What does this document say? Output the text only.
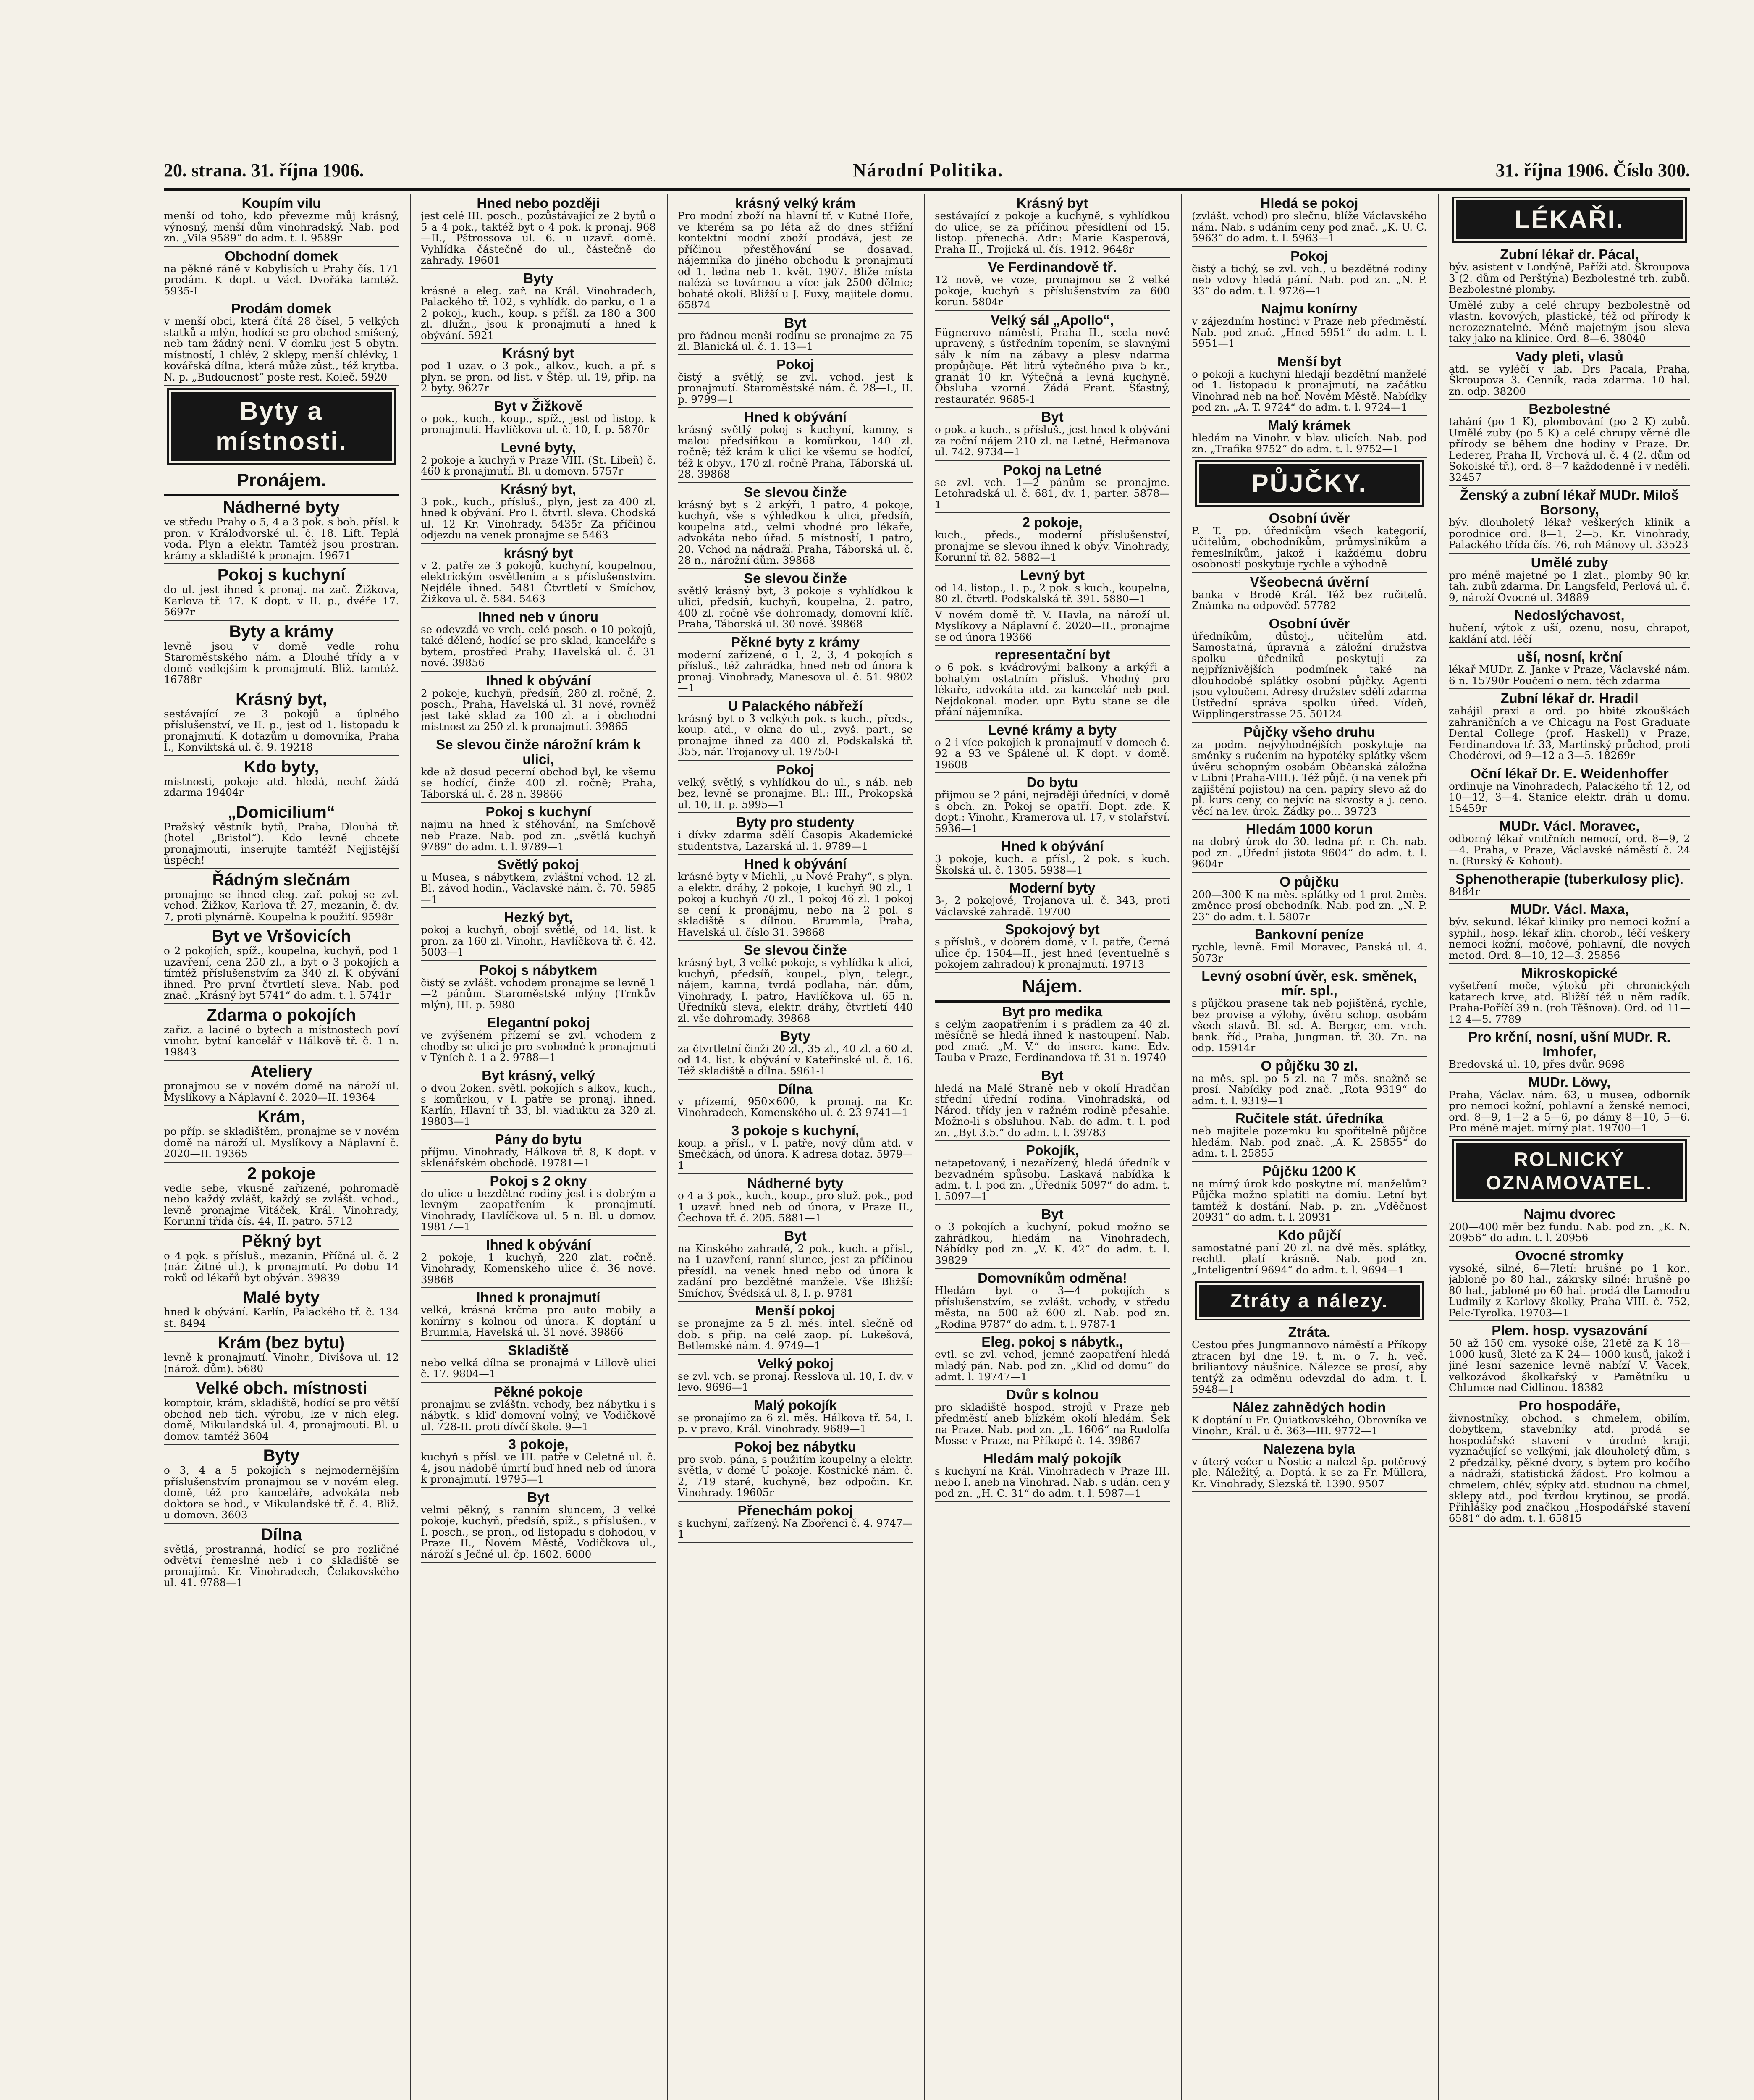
20. strana. 31. října 1906.	Národní Politika.	31. října 1906. Číslo 300.
Koupím vilu
menší od toho, kdo převezme můj krásný, výnosný, menší dům vinohradský. Nab. pod zn. „Vila 9589“ do adm. t. l. 9589r
Obchodní domek
na pěkné ráně v Kobylisích u Prahy čís. 171 prodám. K dopt. u Václ. Dvořáka tamtéž. 5935-I
Prodám domek
v menší obci, která čítá 28 čísel, 5 velkých statků a mlýn, hodící se pro obchod smíšený, neb tam žádný není. V domku jest 5 obytn. místností, 1 chlév, 2 sklepy, menší chlévky, 1 kovářská dílna, která může zůst., též krytba. N. p. „Budoucnost“ poste rest. Koleč. 5920
Byty a místnosti.
Pronájem.
Nádherné byty
ve středu Prahy o 5, 4 a 3 pok. s boh. přísl. k pron. v Králodvorské ul. č. 18. Lift. Teplá voda. Plyn a elektr. Tamtéž jsou prostran. krámy a skladiště k pronajm. 19671
Pokoj s kuchyní
do ul. jest ihned k pronaj. na zač. Žižkova, Karlova tř. 17. K dopt. v II. p., dvéře 17. 5697r
Byty a krámy
levně jsou v domě vedle rohu Staroměstského nám. a Dlouhé třídy a v domě vedlejším k pronajmutí. Bliž. tamtéž. 16788r
Krásný byt,
sestávající ze 3 pokojů a úplného příslušenství, ve II. p., jest od 1. listopadu k pronajmutí. K dotazům u domovníka, Praha I., Konviktská ul. č. 9. 19218
Kdo byty,
místnosti, pokoje atd. hledá, nechť žádá zdarma 19404r
„Domicilium“
Pražský věstník bytů, Praha, Dlouhá tř. (hotel „Bristol“). Kdo levně chcete pronajmouti, inserujte tamtéž! Nejjistější úspěch!
Řádným slečnám
pronajme se ihned eleg. zař. pokoj se zvl. vchod. Žižkov, Karlova tř. 27, mezanin, č. dv. 7, proti plynárně. Koupelna k použití. 9598r
Byt ve Vršovicích
o 2 pokojích, spíž., koupelna, kuchyň, pod 1 uzavření, cena 250 zl., a byt o 3 pokojích a tímtéž příslušenstvím za 340 zl. K obývání ihned. Pro první čtvrtletí sleva. Nab. pod znač. „Krásný byt 5741“ do adm. t. l. 5741r
Zdarma o pokojích
zařiz. a laciné o bytech a místnostech poví vinohr. bytní kancelář v Hálkově tř. č. 1 n. 19843
Ateliery
pronajmou se v novém domě na nároží ul. Myslíkovy a Náplavní č. 2020—II. 19364
Krám,
po příp. se skladištěm, pronajme se v novém domě na nároží ul. Myslíkovy a Náplavní č. 2020—II. 19365
2 pokoje
vedle sebe, vkusně zařízené, pohromadě nebo každý zvlášť, každý se zvlášt. vchod., levně pronajme Vitáček, Král. Vinohrady, Korunní třída čís. 44, II. patro. 5712
Pěkný byt
o 4 pok. s přísluš., mezanin, Příčná ul. č. 2 (nár. Žitné ul.), k pronajmutí. Po dobu 14 roků od lékařů byt obýván. 39839
Malé byty
hned k obývání. Karlín, Palackého tř. č. 134 st. 8494
Krám (bez bytu)
levně k pronajmutí. Vinohr., Divišova ul. 12 (nárož. dům). 5680
Velké obch. místnosti
komptoir, krám, skladiště, hodící se pro větší obchod neb tich. výrobu, lze v nich eleg. domě, Mikulandská ul. 4, pronajmouti. Bl. u domov. tamtéž 3604
Byty
o 3, 4 a 5 pokojích s nejmodernějším příslušenstvím pronajmou se v novém eleg. domě, též pro kanceláře, advokáta neb doktora se hod., v Mikulandské tř. č. 4. Bliž. u domovn. 3603
Dílna
světlá, prostranná, hodící se pro rozličné odvětví řemeslné neb i co skladiště se pronajímá. Kr. Vinohradech, Čelakovského ul. 41. 9788—1
Hned nebo později
jest celé III. posch., pozůstávající ze 2 bytů o 5 a 4 pok., taktéž byt o 4 pok. k pronaj. 968—II., Pštrossova ul. 6. u uzavř. domě. Vyhlídka částečně do ul., částečně do zahrady. 19601
Byty
krásné a eleg. zař. na Král. Vinohradech, Palackého tř. 102, s vyhlídk. do parku, o 1 a 2 pokoj., kuch., koup. s příšl. za 180 a 300 zl. dlužn., jsou k pronajmutí a hned k obývání. 5921
Krásný byt
pod 1 uzav. o 3 pok., alkov., kuch. a př. s plyn. se pron. od list. v Štěp. ul. 19, přip. na 2 byty. 9627r
Byt v Žižkově
o pok., kuch., koup., spíž., jest od listop. k pronajmutí. Havlíčkova ul. č. 10, I. p. 5870r
Levné byty,
2 pokoje a kuchyň v Praze VIII. (St. Libeň) č. 460 k pronajmutí. Bl. u domovn. 5757r
Krásný byt,
3 pok., kuch., přísluš., plyn, jest za 400 zl. hned k obývání. Pro I. čtvrtl. sleva. Chodská ul. 12 Kr. Vinohrady. 5435r Za příčinou odjezdu na venek pronajme se 5463
krásný byt
v 2. patře ze 3 pokojů, kuchyní, koupelnou, elektrickým osvětlením a s příslušenstvím. Nejdéle ihned. 5481 Čtvrtletí v Smíchov, Žižkova ul. č. 584. 5463
Ihned neb v únoru
se odevzdá ve vrch. celé posch. o 10 pokojů, také dělené, hodící se pro sklad, kanceláře s bytem, prostřed Prahy, Havelská ul. č. 31 nové. 39856
Ihned k obývání
2 pokoje, kuchyň, předsíň, 280 zl. ročně, 2. posch., Praha, Havelská ul. 31 nové, rovněž jest také sklad za 100 zl. a i obchodní místnost za 250 zl. k pronajmutí. 39865
Se slevou činže nárožní krám k ulici,
kde až dosud pecerní obchod byl, ke všemu se hodící, činže 400 zl. ročně; Praha, Táborská ul. č. 28 n. 39866
Pokoj s kuchyní
najmu na hned k stěhování, na Smíchově neb Praze. Nab. pod zn. „světlá kuchyň 9789“ do adm. t. l. 9789—1
Světlý pokoj
u Musea, s nábytkem, zvláštní vchod. 12 zl. Bl. závod hodin., Václavské nám. č. 70. 5985—1
Hezký byt,
pokoj a kuchyň, obojí světlé, od 14. list. k pron. za 160 zl. Vinohr., Havlíčkova tř. č. 42. 5003—1
Pokoj s nábytkem
čistý se zvlášt. vchodem pronajme se levně 1—2 pánům. Staroměstské mlýny (Trnkův mlýn), III. p. 5980
Elegantní pokoj
ve zvýšeném přízemí se zvl. vchodem z chodby se ulici je pro svobodné k pronajmutí v Týních č. 1 a 2. 9788—1
Byt krásný, velký
o dvou 2oken. světl. pokojích s alkov., kuch., s komůrkou, v I. patře se pronaj. ihned. Karlín, Hlavní tř. 33, bl. viaduktu za 320 zl. 19803—1
Pány do bytu
příjmu. Vinohrady, Hálkova tř. 8, K dopt. v sklenářském obchodě. 19781—1
Pokoj s 2 okny
do ulice u bezdětné rodiny jest i s dobrým a levným zaopatřením k pronajmutí. Vinohrady, Havlíčkova ul. 5 n. Bl. u domov. 19817—1
Ihned k obývání
2 pokoje, 1 kuchyň, 220 zlat. ročně. Vinohrady, Komenského ulice č. 36 nové. 39868
Ihned k pronajmutí
velká, krásná krčma pro auto mobily a konírny s kolnou od února. K doptání u Brummla, Havelská ul. 31 nové. 39866
Skladiště
nebo velká dílna se pronajmá v Lillově ulici č. 17. 9804—1
Pěkné pokoje
pronajmu se zvlášťn. vchody, bez nábytku i s nábytk. s kliď domovní volný, ve Vodičkově ul. 728-II. proti dívčí škole. 9—1
3 pokoje,
kuchyň s přísl. ve III. patře v Celetné ul. č. 4, jsou nádobě úmrtí buď hned neb od února k pronajmutí. 19795—1
Byt
velmi pěkný, s ranním sluncem, 3 velké pokoje, kuchyň, předsíň, spíž., s příslušen., v I. posch., se pron., od listopadu s dohodou, v Praze II., Novém Městě, Vodičkova ul., nároží s Ječné ul. čp. 1602. 6000
krásný velký krám
Pro modní zboží na hlavní tř. v Kutné Hoře, ve kterém sa po léta až do dnes střižní kontektní modní zboží prodává, jest ze příčinou přestěhování se dosavad. nájemníka do jiného obchodu k pronajmutí od 1. ledna neb 1. květ. 1907. Bliže místa nalézá se továrnou a více jak 2500 dělnic; bohaté okolí. Bližší u J. Fuxy, majitele domu. 65874
Byt
pro řádnou menší rodinu se pronajme za 75 zl. Blanická ul. č. 1. 13—1
Pokoj
čistý a světlý, se zvl. vchod. jest k pronajmutí. Staroměstské nám. č. 28—I., II. p. 9799—1
Hned k obývání
krásný světlý pokoj s kuchyní, kamny, s malou předsíňkou a komůrkou, 140 zl. ročně; též krám k ulici ke všemu se hodící, též k obyv., 170 zl. ročně Praha, Táborská ul. 28. 39868
Se slevou činže
krásný byt s 2 arkýři, 1 patro, 4 pokoje, kuchyň, vše s výhledkou k ulici, předsíň, koupelna atd., velmi vhodné pro lékaře, advokáta nebo úřad. 5 místností, 1 patro, 20. Vchod na nádraží. Praha, Táborská ul. č. 28 n., nárožní dům. 39868
Se slevou činže
světlý krásný byt, 3 pokoje s vyhlídkou k ulici, předsíň, kuchyň, koupelna, 2. patro, 400 zl. ročně vše dohromady, domovní klíč. Praha, Táborská ul. 30 nové. 39868
Pěkné byty z krámy
moderní zařízené, o 1, 2, 3, 4 pokojích s přísluš., též zahrádka, hned neb od února k pronaj. Vinohrady, Manesova ul. č. 51. 9802—1
U Palackého nábřeží
krásný byt o 3 velkých pok. s kuch., předs., koup. atd., v okna do ul., zvyš. part., se pronajme ihned za 400 zl. Podskalská tř. 355, nár. Trojanovy ul. 19750-I
Pokoj
velký, světlý, s vyhlídkou do ul., s náb. neb bez, levně se pronajme. Bl.: III., Prokopská ul. 10, II. p. 5995—1
Byty pro studenty
i dívky zdarma sdělí Časopis Akademické studentstva, Lazarská ul. 1. 9789—1
Hned k obývání
krásné byty v Michli, „u Nové Prahy“, s plyn. a elektr. dráhy, 2 pokoje, 1 kuchyň 90 zl., 1 pokoj a kuchyň 70 zl., 1 pokoj 46 zl. 1 pokoj se cení k pronájmu, nebo na 2 pol. s skladiště s dílnou. Brummla, Praha, Havelská ul. číslo 31. 39868
Se slevou činže
krásný byt, 3 velké pokoje, s vyhlídka k ulici, kuchyň, předsíň, koupel., plyn, telegr., nájem, kamna, tvrdá podlaha, nár. dům, Vinohrady, I. patro, Havlíčkova ul. 65 n. Úředníků sleva, elektr. dráhy, čtvrtletí 440 zl. vše dohromady. 39868
Byty
za čtvrtletní činži 20 zl., 35 zl., 40 zl. a 60 zl. od 14. list. k obývání v Kateřinské ul. č. 16. Též skladiště a dílna. 5961-1
Dílna
v přízemí, 950×600, k pronaj. na Kr. Vinohradech, Komenského ul. č. 23 9741—1
3 pokoje s kuchyní,
koup. a přísl., v I. patře, nový dům atd. v Smečkách, od února. K adresa dotaz. 5979—1
Nádherné byty
o 4 a 3 pok., kuch., koup., pro služ. pok., pod 1 uzavř. hned neb od února, v Praze II., Čechova tř. č. 205. 5881—1
Byt
na Kinského zahradě, 2 pok., kuch. a přísl., na 1 uzavření, ranní slunce, jest za příčinou přesídl. na venek hned nebo od února k zadání pro bezdětné manžele. Vše Bližší: Smíchov, Švédská ul. 8, I. p. 9781
Menší pokoj
se pronajme za 5 zl. měs. intel. slečně od dob. s přip. na celé zaop. pí. Lukešová, Betlemské nám. 4. 9749—1
Velký pokoj
se zvl. vch. se pronaj. Resslova ul. 10, I. dv. v levo. 9696—1
Malý pokojík
se pronajímo za 6 zl. měs. Hálkova tř. 54, I. p. v pravo, Král. Vinohrady. 9689—1
Pokoj bez nábytku
pro svob. pána, s použitím koupelny a elektr. světla, v domě U pokoje. Kostnické nám. č. 2, 719 staré, kuchyně, bez odpočin. Kr. Vinohrady. 19605r
Přenechám pokoj
s kuchyní, zařízený. Na Zbořenci č. 4. 9747—1
Krásný byt
sestávající z pokoje a kuchyně, s vyhlídkou do ulice, se za příčinou přesídlení od 15. listop. přenechá. Adr.: Marie Kasperová, Praha II., Trojická ul. čís. 1912. 9648r
Ve Ferdinandově tř.
12 nově, ve voze, pronajmou se 2 velké pokoje, kuchyň s příslušenstvím za 600 korun. 5804r
Velký sál „Apollo“,
Fügnerovo náměstí, Praha II., scela nově upravený, s ústředním topením, se slavnými sály k ním na zábavy a plesy ndarma propůjčuje. Pět litrů výtečného piva 5 kr., granát 10 kr. Výtečná a levná kuchyně. Obsluha vzorná. Žádá Frant. Šťastný, restauratér. 9685-1
Byt
o pok. a kuch., s přísluš., jest hned k obývání za roční nájem 210 zl. na Letné, Heřmanova ul. 742. 9734—1
Pokoj na Letné
se zvl. vch. 1—2 pánům se pronajme. Letohradská ul. č. 681, dv. 1, parter. 5878—1
2 pokoje,
kuch., předs., moderní příslušenství, pronajme se slevou ihned k obýv. Vinohrady, Korunní tř. 82. 5882—1
Levný byt
od 14. listop., 1. p., 2 pok. s kuch., koupelna, 80 zl. čtvrtl. Podskalská tř. 391. 5880—1
V novém domě tř. V. Havla, na nároží ul. Myslíkovy a Náplavní č. 2020—II., pronajme se od února 19366
representační byt
o 6 pok. s kvádrovými balkony a arkýři a bohatým ostatním přísluš. Vhodný pro lékaře, advokáta atd. za kancelář neb pod. Nejdokonal. moder. upr. Bytu stane se dle přání nájemníka.
Levné krámy a byty
o 2 i více pokojích k pronajmutí v domech č. 92 a 93 ve Spálené ul. K dopt. v domě. 19608
Do bytu
přijmou se 2 páni, nejraději úředníci, v domě s obch. zn. Pokoj se opatří. Dopt. zde. K dopt.: Vinohr., Kramerova ul. 17, v stolařství. 5936—1
Hned k obývání
3 pokoje, kuch. a přísl., 2 pok. s kuch. Školská ul. č. 1305. 5938—1
Moderní byty
3-, 2 pokojové, Trojanova ul. č. 343, proti Václavské zahradě. 19700
Spokojový byt
s přísluš., v dobrém domě, v I. patře, Černá ulice čp. 1504—II., jest hned (eventuelně s pokojem zahradou) k pronajmutí. 19713
Nájem.
Byt pro medika
s celým zaopatřením i s prádlem za 40 zl. měsíčně se hledá ihned k nastoupení. Nab. pod znač. „M. V.“ do inserc. kanc. Edv. Tauba v Praze, Ferdinandova tř. 31 n. 19740
Byt
hledá na Malé Straně neb v okolí Hradčan střední úřední rodina. Vinohradská, od Národ. třídy jen v ražném rodině přesahle. Možno-li s obsluhou. Nab. do adm. t. l. pod zn. „Byt 3.5.“ do adm. t. l. 39783
Pokojík,
netapetovaný, i nezařízený, hledá úředník v bezvadném spůsobu. Laskavá nabídka k adm. t. l. pod zn. „Úředník 5097“ do adm. t. l. 5097—1
Byt
o 3 pokojích a kuchyní, pokud možno se zahrádkou, hledám na Vinohradech, Nábídky pod zn. „V. K. 42“ do adm. t. l. 39829
Domovníkům odměna!
Hledám byt o 3—4 pokojích s příslušenstvím, se zvlášt. vchody, v středu města, na 500 až 600 zl. Nab. pod zn. „Rodina 9787“ do adm. t. l. 9787-1
Eleg. pokoj s nábytk.,
evtl. se zvl. vchod, jemné zaopatření hledá mladý pán. Nab. pod zn. „Klid od domu“ do admt. l. 19747—1
Dvůr s kolnou
pro skladiště hospod. strojů v Praze neb předměstí aneb blízkém okolí hledám. Šek na Praze. Nab. pod zn. „L. 1606“ na Rudolfa Mosse v Praze, na Příkopě č. 14. 39867
Hledám malý pokojík
s kuchyní na Král. Vinohradech v Praze III. nebo I. aneb na Vinohrad. Nab. s udán. cen y pod zn. „H. C. 31“ do adm. t. l. 5987—1
Hledá se pokoj
(zvlášt. vchod) pro slečnu, blíže Václavského nám. Nab. s udáním ceny pod znač. „K. U. C. 5963“ do adm. t. l. 5963—1
Pokoj
čistý a tichý, se zvl. vch., u bezdětné rodiny neb vdovy hledá pání. Nab. pod zn. „N. P. 33“ do adm. t. l. 9726—1
Najmu konírny
v zájezdním hostinci v Praze neb předměstí. Nab. pod znač. „Hned 5951“ do adm. t. l. 5951—1
Menší byt
o pokoji a kuchyni hledají bezdětní manželé od 1. listopadu k pronajmutí, na začátku Vinohrad neb na hoř. Novém Městě. Nabídky pod zn. „A. T. 9724“ do adm. t. l. 9724—1
Malý krámek
hledám na Vinohr. v blav. ulicích. Nab. pod zn. „Trafika 9752“ do adm. t. l. 9752—1
PŮJČKY.
Osobní úvěr
P. T. pp. úředníkům všech kategorií, učitelům, obchodníkům, průmyslníkům a řemeslníkům, jakož i každému dobru osobnosti poskytuje rychle a výhodně
Všeobecná úvěrní
banka v Brodě Král. Též bez ručitelů. Známka na odpověď. 57782
Osobní úvěr
úředníkům, důstoj., učitelům atd. Samostatná, úpravná a záložní družstva spolku úředníků poskytují za nejpříznivějších podmínek také na dlouhodobé splátky osobní půjčky. Agenti jsou vyloučeni. Adresy družstev sdělí zdarma Ústřední správa spolku úřed. Vídeň, Wipplingerstrasse 25. 50124
Půjčky všeho druhu
za podm. nejvýhodnějších poskytuje na směnky s ručením na hypotéky splátky všem úvěru schopným osobám Občanská záložna v Libni (Praha-VIII.). Též půjč. (i na venek při zajištění pojistou) na cen. papíry slevo až do pl. kurs ceny, co nejvíc na skvosty a j. ceno. věcí na lev. úrok. Žádky po... 39723
Hledám 1000 korun
na dobrý úrok do 30. ledna př. r. Ch. nab. pod zn. „Úřední jistota 9604“ do adm. t. l. 9604r
O půjčku
200—300 K na měs. splátky od 1 prot 2měs. změnce prosí obchodník. Nab. pod zn. „N. P. 23“ do adm. t. l. 5807r
Bankovní peníze
rychle, levně. Emil Moravec, Panská ul. 4. 5073r
Levný osobní úvěr, esk. směnek, mír. spl.,
s půjčkou prasene tak neb pojištěná, rychle, bez provise a výlohy, úvěru schop. osobám všech stavů. Bl. sd. A. Berger, em. vrch. bank. říd., Praha, Jungman. tř. 30. Zn. na odp. 15914r
O půjčku 30 zl.
na měs. spl. po 5 zl. na 7 měs. snažně se prosí. Nabídky pod znač. „Rota 9319“ do adm. t. l. 9319—1
Ručitele stát. úředníka
neb majitele pozemku ku spořitelně půjčce hledám. Nab. pod znač. „A. K. 25855“ do adm. t. l. 25855
Půjčku 1200 K
na mírný úrok kdo poskytne mí. manželům? Půjčka možno splatiti na domiu. Letní byt tamtéž k dostání. Nab. p. zn. „Vděčnost 20931“ do adm. t. l. 20931
Kdo půjčí
samostatné paní 20 zl. na dvě měs. splátky, rechtl. platí krásně. Nab. pod zn. „Inteligentní 9694“ do adm. t. l. 9694—1
Ztráty a nálezy.
Ztráta.
Cestou přes Jungmannovo náměstí a Příkopy ztracen byl dne 19. t. m. o 7. h. več. briliantový náušnice. Nálezce se prosí, aby tentýž za odměnu odevzdal do adm. t. l. 5948—1
Nález zahnědých hodin
K doptání u Fr. Quiatkovského, Obrovníka ve Vinohr., Král. u č. 363—III. 9772—1
Nalezena byla
v úterý večer u Nostic a nalezl šp. potěrový ple. Náležitý, a. Doptá. k se za Fr. Müllera, Kr. Vinohrady, Slezská tř. 1390. 9507
LÉKAŘI.
Zubní lékař dr. Pácal,
býv. asistent v Londýně, Paříži atd. Škroupova 3 (2. dům od Perštýna) Bezbolestné trh. zubů. Bezbolestné plomby.
Umělé zuby a celé chrupy bezbolestně od vlastn. kovových, plastické, též od přírody k nerozeznatelné. Méně majetným jsou sleva taky jako na klinice. Ord. 8—6. 38040
Vady pleti, vlasů
atd. se vyléčí v lab. Drs Pacala, Praha, Škroupova 3. Cenník, rada zdarma. 10 hal. zn. odp. 38200
Bezbolestné
tahání (po 1 K), plombování (po 2 K) zubů. Umělé zuby (po 5 K) a celé chrupy věrné dle přírody se během dne hodiny v Praze. Dr. Lederer, Praha II, Vrchová ul. č. 4 (2. dům od Sokolské tř.), ord. 8—7 každodenně i v neděli. 32457
Ženský a zubní lékař MUDr. Miloš Borsony,
býv. dlouholetý lékař veškerých klinik a porodnice ord. 8—1, 2—5. Kr. Vinohrady, Palackého třída čís. 76, roh Mánovy ul. 33523
Umělé zuby
pro méně majetné po 1 zlat., plomby 90 kr. tah. zubů zdarma. Dr. Langsfeld, Perlová ul. č. 9, nároží Ovocné ul. 34889
Nedoslýchavost,
hučení, výtok z uší, ozenu, nosu, chrapot, kaklání atd. léčí
uší, nosní, krční
lékař MUDr. Z. Janke v Praze, Václavské nám. 6 n. 15790r Poučení o nem. těch zdarma
Zubní lékař dr. Hradil
zahájil praxi a ord. po hbité zkouškách zahraničních a ve Chicagu na Post Graduate Dental College (prof. Haskell) v Praze, Ferdinandova tř. 33, Martinský průchod, proti Chodérovi, od 9—12 a 3—5. 18269r
Oční lékař Dr. E. Weidenhoffer
ordinuje na Vinohradech, Palackého tř. 12, od 10—12, 3—4. Stanice elektr. dráh u domu. 15459r
MUDr. Václ. Moravec,
odborný lékař vnitřních nemocí, ord. 8—9, 2—4. Praha, v Praze, Václavské náměstí č. 24 n. (Rurský & Kohout).
Sphenotherapie (tuberkulosy plic).
8484r
MUDr. Václ. Maxa,
býv. sekund. lékař kliniky pro nemoci kožní a syphil., hosp. lékař klin. chorob., léčí veškery nemoci kožní, močové, pohlavní, dle nových metod. Ord. 8—10, 12—3. 25856
Mikroskopické
vyšetření moče, výtoků při chronických katarech krve, atd. Bližší též u něm radík. Praha-Poříčí 39 n. (roh Těšnova). Ord. od 11—12 4—5. 7789
Pro krční, nosní, ušní MUDr. R. Imhofer,
Bredovská ul. 10, přes dvůr. 9698
MUDr. Löwy,
Praha, Václav. nám. 63, u musea, odborník pro nemoci kožní, pohlavní a ženské nemoci, ord. 8—9, 1—2 a 5—6, po dámy 8—10, 5—6. Pro méně majet. mírný plat. 19700—1
ROLNICKÝ OZNAMOVATEL.
Najmu dvorec
200—400 měr bez fundu. Nab. pod zn. „K. N. 20956“ do adm. t. l. 20956
Ovocné stromky
vysoké, silné, 6—7letí: hrušně po 1 kor., jabloně po 80 hal., zákrsky silné: hrušně po 80 hal., jabloně po 60 hal. prodá dle Lamodru Ludmily z Karlovy školky, Praha VIII. č. 752, Pelc-Tyrolka. 19703—1
Plem. hosp. vysazování
50 až 150 cm. vysoké olše, 21etě za K 18— 1000 kusů, 3leté za K 24— 1000 kusů, jakož i jiné lesní sazenice levně nabízí V. Vacek, velkozávod školkařský v Pamětníku u Chlumce nad Cidlinou. 18382
Pro hospodáře,
živnostníky, obchod. s chmelem, obilím, dobytkem, stavebníky atd. prodá se hospodářské stavení v úrodné kraji, vyznačující se velkými, jak dlouholetý dům, s 2 předzálky, pěkné dvory, s bytem pro kočího a nádraží, statistická žádost. Pro kolmou a chmelem, chlév, sýpky atd. studnou na chmel, sklepy atd., pod tvrdou krytinou, se proďá. Přihlášky pod značkou „Hospodářské stavení 6581“ do adm. t. l. 65815
